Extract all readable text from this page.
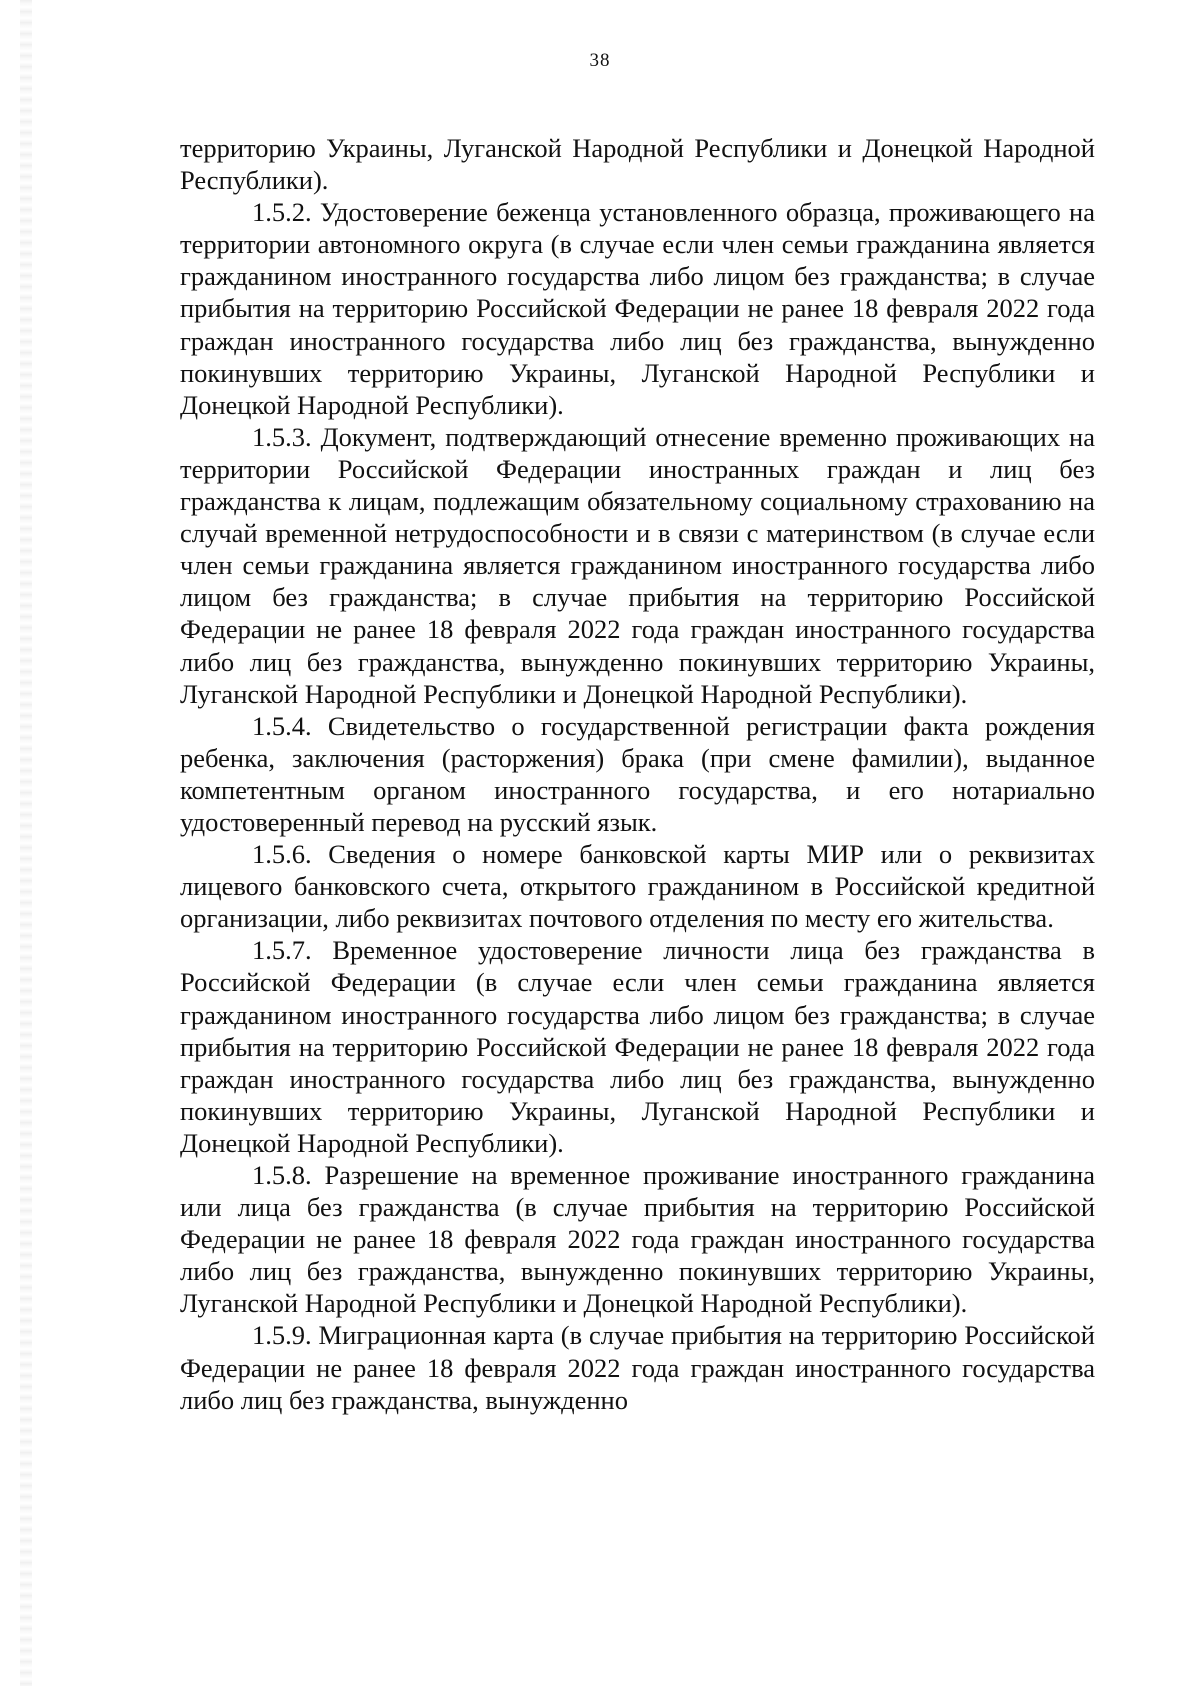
38

территорию Украины, Луганской Народной Республики и Донецкой Народной Республики).

1.5.2. Удостоверение беженца установленного образца, проживающего на территории автономного округа (в случае если член семьи гражданина является гражданином иностранного государства либо лицом без гражданства; в случае прибытия на территорию Российской Федерации не ранее 18 февраля 2022 года граждан иностранного государства либо лиц без гражданства, вынужденно покинувших территорию Украины, Луганской Народной Республики и Донецкой Народной Республики).

1.5.3. Документ, подтверждающий отнесение временно проживающих на территории Российской Федерации иностранных граждан и лиц без гражданства к лицам, подлежащим обязательному социальному страхованию на случай временной нетрудоспособности и в связи с материнством (в случае если член семьи гражданина является гражданином иностранного государства либо лицом без гражданства; в случае прибытия на территорию Российской Федерации не ранее 18 февраля 2022 года граждан иностранного государства либо лиц без гражданства, вынужденно покинувших территорию Украины, Луганской Народной Республики и Донецкой Народной Республики).

1.5.4. Свидетельство о государственной регистрации факта рождения ребенка, заключения (расторжения) брака (при смене фамилии), выданное компетентным органом иностранного государства, и его нотариально удостоверенный перевод на русский язык.

1.5.6. Сведения о номере банковской карты МИР или о реквизитах лицевого банковского счета, открытого гражданином в Российской кредитной организации, либо реквизитах почтового отделения по месту его жительства.

1.5.7. Временное удостоверение личности лица без гражданства в Российской Федерации (в случае если член семьи гражданина является гражданином иностранного государства либо лицом без гражданства; в случае прибытия на территорию Российской Федерации не ранее 18 февраля 2022 года граждан иностранного государства либо лиц без гражданства, вынужденно покинувших территорию Украины, Луганской Народной Республики и Донецкой Народной Республики).

1.5.8. Разрешение на временное проживание иностранного гражданина или лица без гражданства (в случае прибытия на территорию Российской Федерации не ранее 18 февраля 2022 года граждан иностранного государства либо лиц без гражданства, вынужденно покинувших территорию Украины, Луганской Народной Республики и Донецкой Народной Республики).

1.5.9. Миграционная карта (в случае прибытия на территорию Российской Федерации не ранее 18 февраля 2022 года граждан иностранного государства либо лиц без гражданства, вынужденно
